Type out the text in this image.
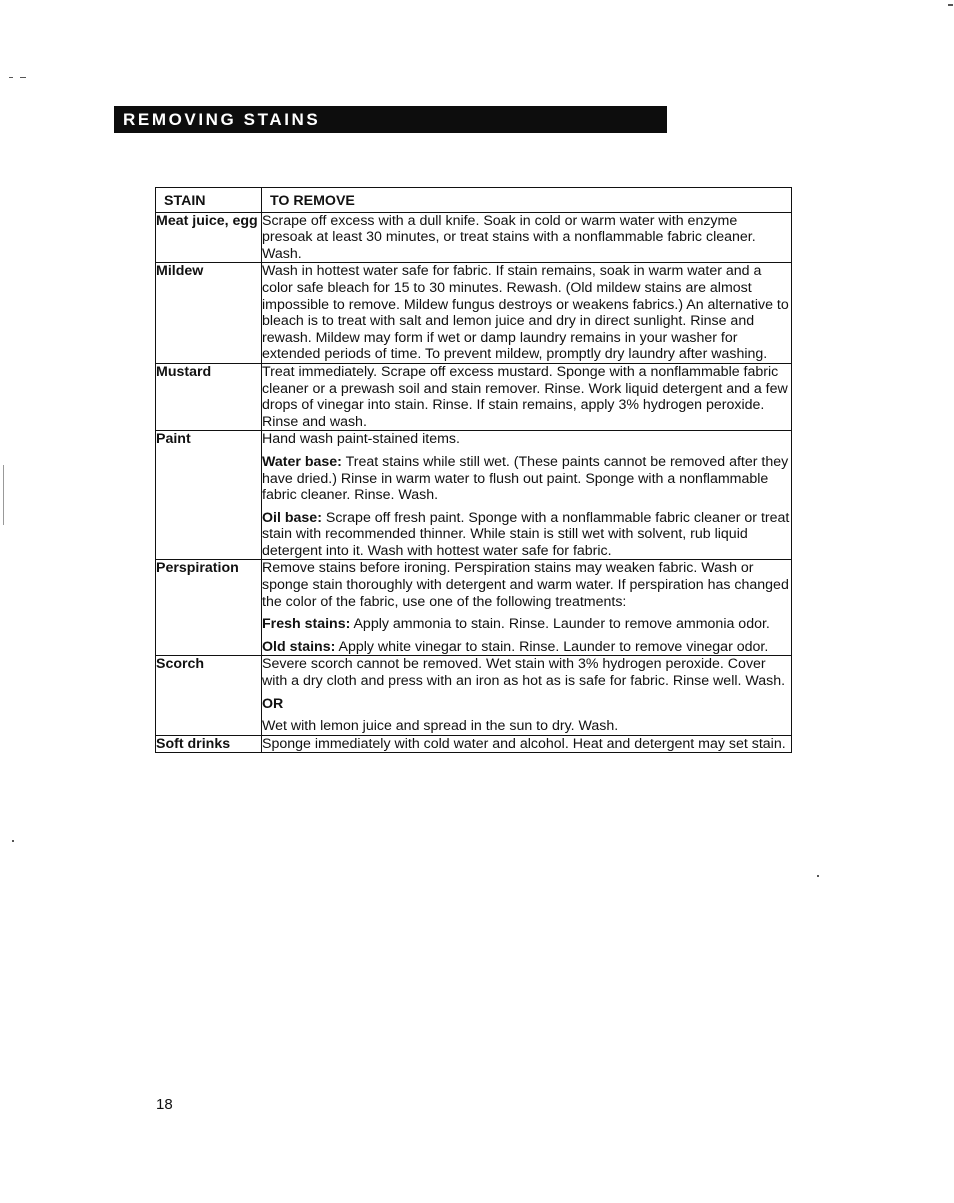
REMOVING STAINS
STAIN	TO REMOVE
Meat juice, egg	Scrape off excess with a dull knife. Soak in cold or warm water with enzyme presoak at least 30 minutes, or treat stains with a nonflammable fabric cleaner. Wash.

Mildew	Wash in hottest water safe for fabric. If stain remains, soak in warm water and a color safe bleach for 15 to 30 minutes. Rewash. (Old mildew stains are almost impossible to remove. Mildew fungus destroys or weakens fabrics.) An alternative to bleach is to treat with salt and lemon juice and dry in direct sunlight. Rinse and rewash. Mildew may form if wet or damp laundry remains in your washer for extended periods of time. To prevent mildew, promptly dry laundry after washing.

Mustard	Treat immediately. Scrape off excess mustard. Sponge with a nonflammable fabric cleaner or a prewash soil and stain remover. Rinse. Work liquid detergent and a few drops of vinegar into stain. Rinse. If stain remains, apply 3% hydrogen peroxide. Rinse and wash.

Paint	Hand wash paint-stained items.

Water base: Treat stains while still wet. (These paints cannot be removed after they have dried.) Rinse in warm water to flush out paint. Sponge with a nonflammable fabric cleaner. Rinse. Wash.

Oil base: Scrape off fresh paint. Sponge with a nonflammable fabric cleaner or treat stain with recommended thinner. While stain is still wet with solvent, rub liquid detergent into it. Wash with hottest water safe for fabric.

Perspiration	Remove stains before ironing. Perspiration stains may weaken fabric. Wash or sponge stain thoroughly with detergent and warm water. If perspiration has changed the color of the fabric, use one of the following treatments:

Fresh stains: Apply ammonia to stain. Rinse. Launder to remove ammonia odor.

Old stains: Apply white vinegar to stain. Rinse. Launder to remove vinegar odor.

Scorch	Severe scorch cannot be removed. Wet stain with 3% hydrogen peroxide. Cover with a dry cloth and press with an iron as hot as is safe for fabric. Rinse well. Wash.

OR

Wet with lemon juice and spread in the sun to dry. Wash.

Soft drinks	Sponge immediately with cold water and alcohol. Heat and detergent may set stain.

18
